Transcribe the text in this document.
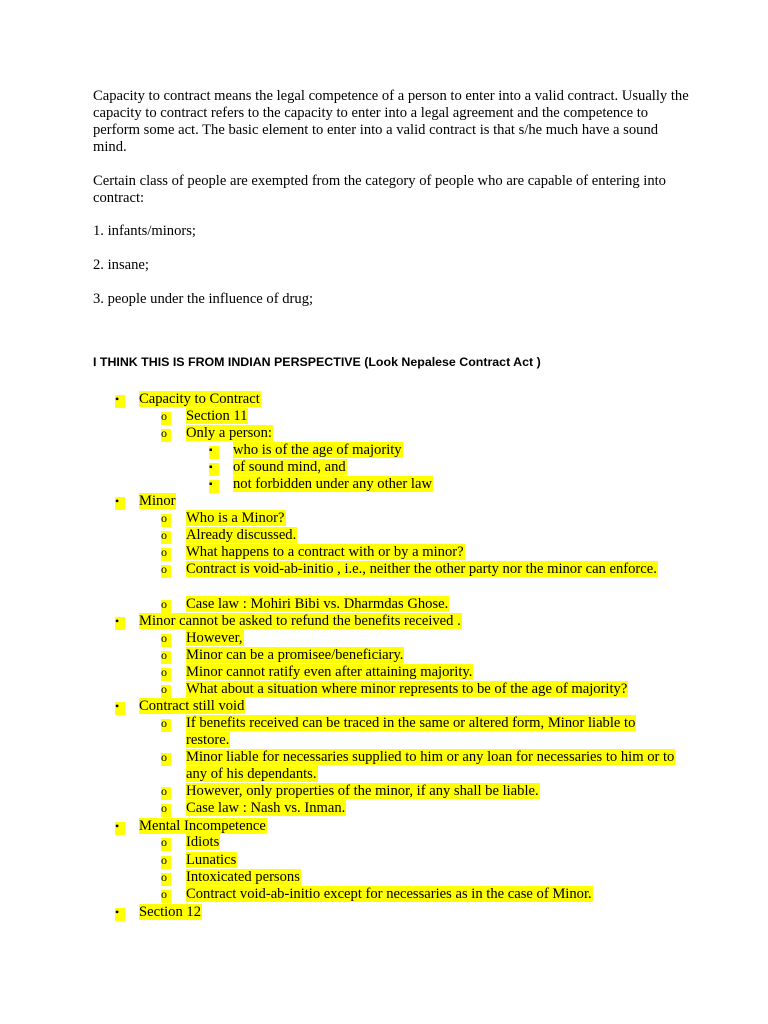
Capacity to contract means the legal competence of a person to enter into a valid contract. Usually the capacity to contract refers to the capacity to enter into a legal agreement and the competence to perform some act. The basic element to enter into a valid contract is that s/he much have a sound mind.

Certain class of people are exempted from the category of people who are capable of entering into contract:

1. infants/minors;

2. insane;

3. people under the influence of drug;

I THINK THIS IS FROM INDIAN PERSPECTIVE (Look Nepalese Contract Act )

• Capacity to Contract
o Section 11
o Only a person:
▪ who is of the age of majority
▪ of sound mind, and
▪ not forbidden under any other law
• Minor
o Who is a Minor?
o Already discussed.
o What happens to a contract with or by a minor?
o Contract is void-ab-initio , i.e., neither the other party nor the minor can enforce.
o Case law : Mohiri Bibi vs. Dharmdas Ghose.
• Minor cannot be asked to refund the benefits received .
o However,
o Minor can be a promisee/beneficiary.
o Minor cannot ratify even after attaining majority.
o What about a situation where minor represents to be of the age of majority?
• Contract still void
o If benefits received can be traced in the same or altered form, Minor liable to restore.
o Minor liable for necessaries supplied to him or any loan for necessaries to him or to any of his dependants.
o However, only properties of the minor, if any shall be liable.
o Case law : Nash vs. Inman.
• Mental Incompetence
o Idiots
o Lunatics
o Intoxicated persons
o Contract void-ab-initio except for necessaries as in the case of Minor.
• Section 12
